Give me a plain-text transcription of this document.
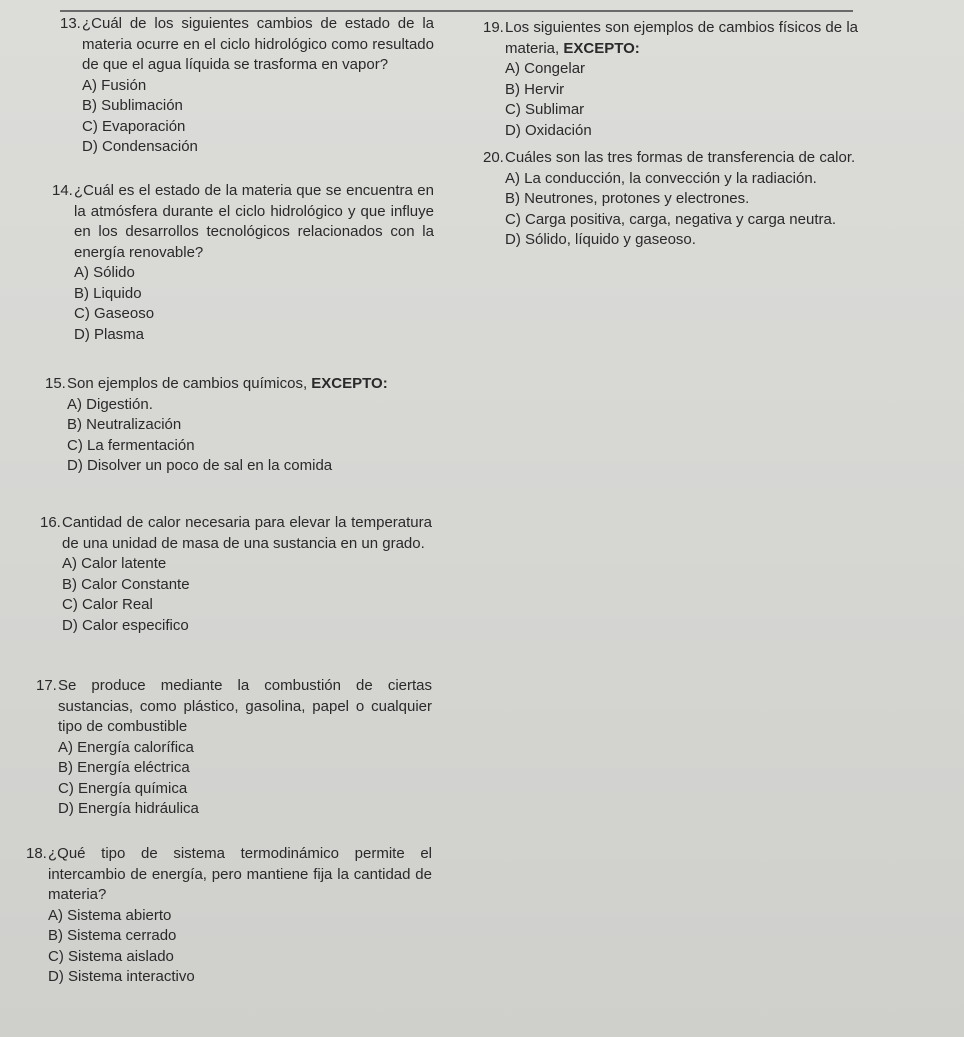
13. ¿Cuál de los siguientes cambios de estado de la materia ocurre en el ciclo hidrológico como resultado de que el agua líquida se trasforma en vapor?
A) Fusión
B) Sublimación
C) Evaporación
D) Condensación
14. ¿Cuál es el estado de la materia que se encuentra en la atmósfera durante el ciclo hidrológico y que influye en los desarrollos tecnológicos relacionados con la energía renovable?
A) Sólido
B) Liquido
C) Gaseoso
D) Plasma
15. Son ejemplos de cambios químicos, EXCEPTO:
A) Digestión.
B) Neutralización
C) La fermentación
D) Disolver un poco de sal en la comida
16. Cantidad de calor necesaria para elevar la temperatura de una unidad de masa de una sustancia en un grado.
A) Calor latente
B) Calor Constante
C) Calor Real
D) Calor especifico
17. Se produce mediante la combustión de ciertas sustancias, como plástico, gasolina, papel o cualquier tipo de combustible
A) Energía calorífica
B) Energía eléctrica
C) Energía química
D) Energía hidráulica
18. ¿Qué tipo de sistema termodinámico permite el intercambio de energía, pero mantiene fija la cantidad de materia?
A) Sistema abierto
B) Sistema cerrado
C) Sistema aislado
D) Sistema interactivo
19. Los siguientes son ejemplos de cambios físicos de la materia, EXCEPTO:
A) Congelar
B) Hervir
C) Sublimar
D) Oxidación
20. Cuáles son las tres formas de transferencia de calor.
A) La conducción, la convección y la radiación.
B) Neutrones, protones y electrones.
C) Carga positiva, carga, negativa y carga neutra.
D) Sólido, líquido y gaseoso.
